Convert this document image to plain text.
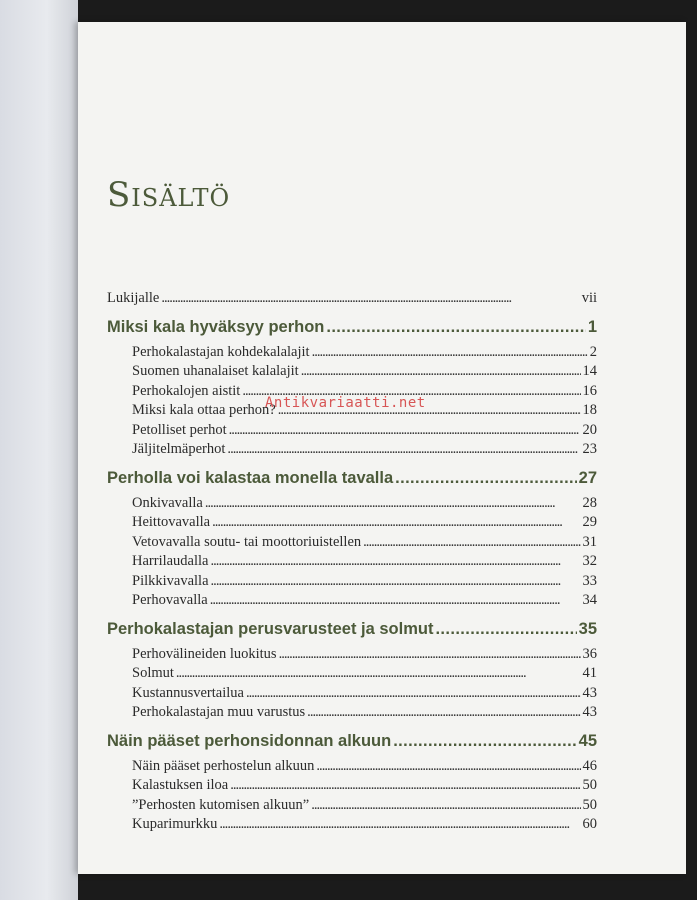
Sisältö
Lukijalle . . .	vii
Miksi kala hyväksyy perhon . . .	1
Perhokalastajan kohdekalalajit . . .	2
Suomen uhanalaiset kalalajit . . .	14
Perhokalojen aistit . . .	16
Miksi kala ottaa perhon? . . .	18
Petolliset perhot . . .	20
Jäljitelmäperhot . . .	23
Perholla voi kalastaa monella tavalla . . .	27
Onkivavalla . . .	28
Heittovavalla . . .	29
Vetovavalla soutu- tai moottoriuistellen . . .	31
Harrilaudalla . . .	32
Pilkkivavalla . . .	33
Perhovavalla . . .	34
Perhokalastajan perusvarusteet ja solmut . . .	35
Perhovälineiden luokitus . . .	36
Solmut . . .	41
Kustannusvertailua . . .	43
Perhokalastajan muu varustus . . .	43
Näin pääset perhonsidonnan alkuun . . .	45
Näin pääset perhostelun alkuun . . .	46
Kalastuksen iloa . . .	50
”Perhosten kutomisen alkuun” . . .	50
Kuparimurkku . . .	60
Antikvariaatti.net
